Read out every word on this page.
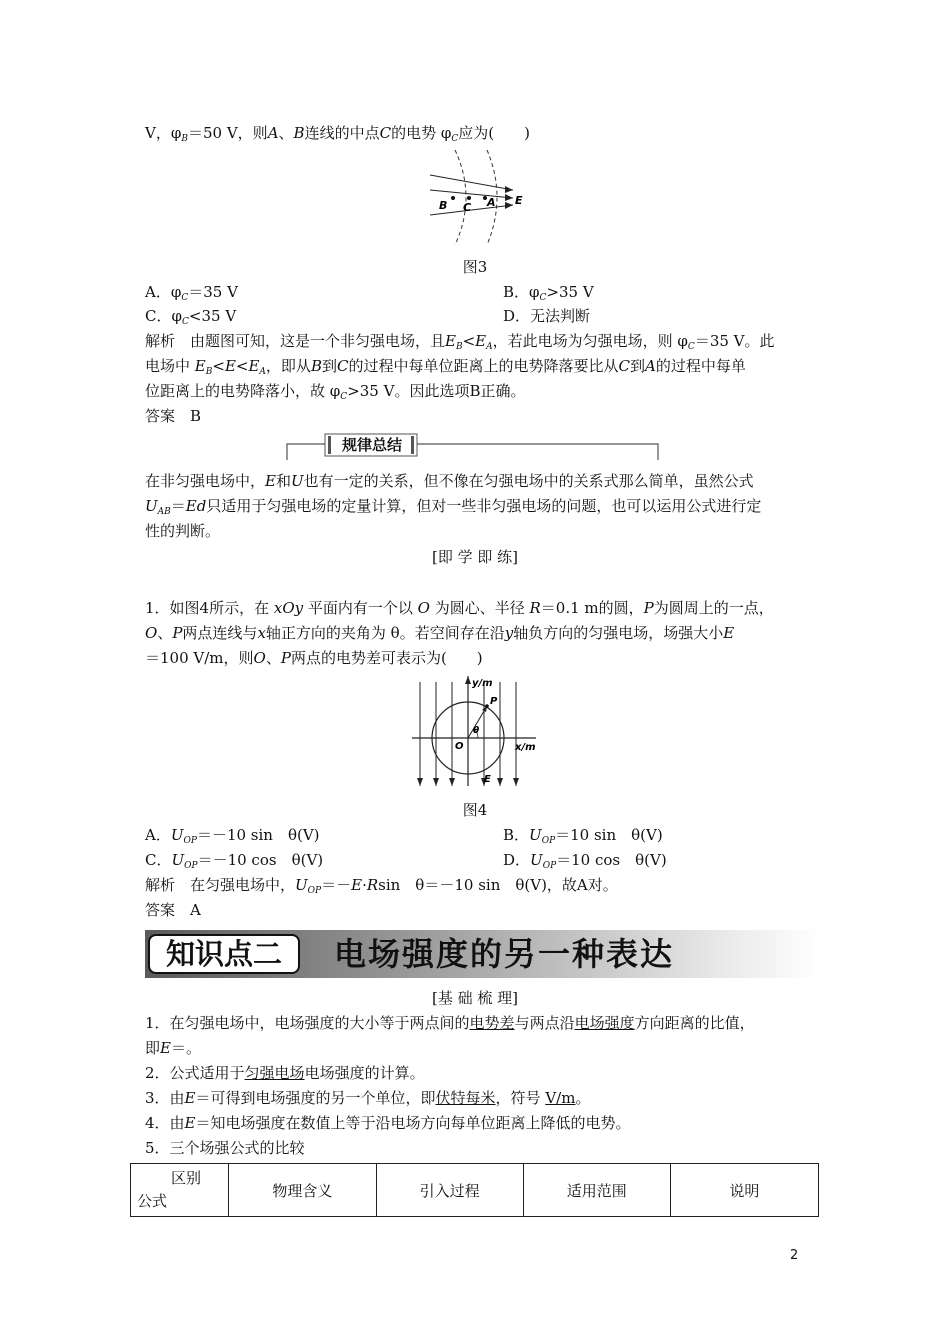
V，$\varphi_B=50$ V，则A、B连线的中点C的电势 $\varphi_C$应为(　　)
B C A E
图3
A．$\varphi_C=35$ V	B．$\varphi_C>35$ V
C．$\varphi_C<35$ V	D．无法判断
解析　由题图可知，这是一个非匀强电场，且$E_B<E_A$，若此电场为匀强电场，则 $\varphi_C=35$ V。此
电场中 $E_B<E<E_A$，即从B到C的过程中每单位距离上的电势降落要比从C到A的过程中每单
位距离上的电势降落小，故 $\varphi_C>35$ V。因此选项B正确。
答案　B
规律总结
在非匀强电场中，E和U也有一定的关系，但不像在匀强电场中的关系式那么简单，虽然公式
$U_{AB}=Ed$只适用于匀强电场的定量计算，但对一些非匀强电场的问题，也可以运用公式进行定
性的判断。
[即 学 即 练]
1．如图4所示，在 xOy 平面内有一个以 O 为圆心、半径 R＝0.1 m的圆，P为圆周上的一点，
O、P两点连线与x轴正方向的夹角为 θ。若空间存在沿y轴负方向的匀强电场，场强大小E
＝100 V/m，则O、P两点的电势差可表示为(　　)
y/m
x/m
O
P
θ
E
图4
A．$U_{OP}=-10$ sin　θ(V)	B．$U_{OP}=10$ sin　θ(V)
C．$U_{OP}=-10$ cos　θ(V)	D．$U_{OP}=10$ cos　θ(V)
解析　在匀强电场中，$U_{OP}=-E\cdot Rsin$　θ＝－10 sin　θ(V)，故A对。
答案　A
知识点二	电场强度的另一种表达
[基 础 梳 理]
1．在匀强电场中，电场强度的大小等于两点间的电势差与两点沿电场强度方向距离的比值，
即E＝。
2．公式适用于匀强电场电场强度的计算。
3．由E＝可得到电场强度的另一个单位，即伏特每米，符号 V/m。
4．由E＝知电场强度在数值上等于沿电场方向每单位距离上降低的电势。
5．三个场强公式的比较
区别
公式
	物理含义	引入过程	适用范围	说明
2
